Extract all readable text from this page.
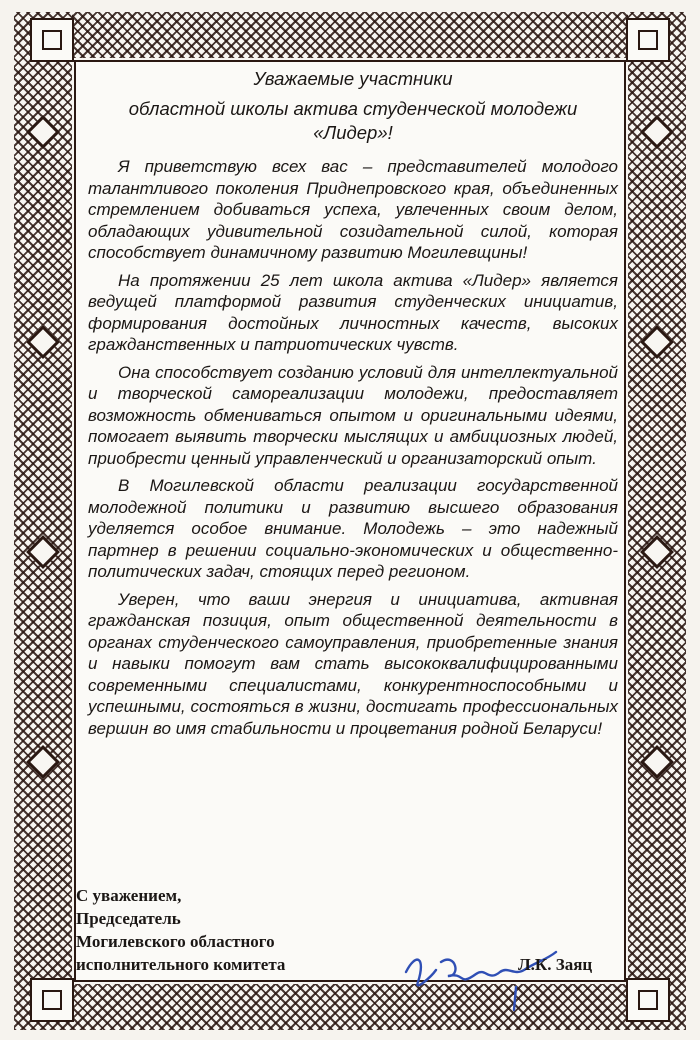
Уважаемые участники

областной школы актива студенческой молодежи

«Лидер»!

Я приветствую всех вас – представителей молодого талантливого поколения Приднепровского края, объединенных стремлением добиваться успеха, увлеченных своим делом, обладающих удивительной созидательной силой, которая способствует динамичному развитию Могилевщины!

На протяжении 25 лет школа актива «Лидер» является ведущей платформой развития студенческих инициатив, формирования достойных личностных качеств, высоких гражданственных и патриотических чувств.

Она способствует созданию условий для интеллектуальной и творческой самореализации молодежи, предоставляет возможность обмениваться опытом и оригинальными идеями, помогает выявить творчески мыслящих и амбициозных людей, приобрести ценный управленческий и организаторский опыт.

В Могилевской области реализации государственной молодежной политики и развитию высшего образования уделяется особое внимание. Молодежь – это надежный партнер в решении социально-экономических и общественно-политических задач, стоящих перед регионом.

Уверен, что ваши энергия и инициатива, активная гражданская позиция, опыт общественной деятельности в органах студенческого самоуправления, приобретенные знания и навыки помогут вам стать высококвалифицированными современными специалистами, конкурентноспособными и успешными, состояться в жизни, достигать профессиональных вершин во имя стабильности и процветания родной Беларуси!

С уважением,
Председатель
Могилевского областного
исполнительного комитета	Л.К. Заяц
